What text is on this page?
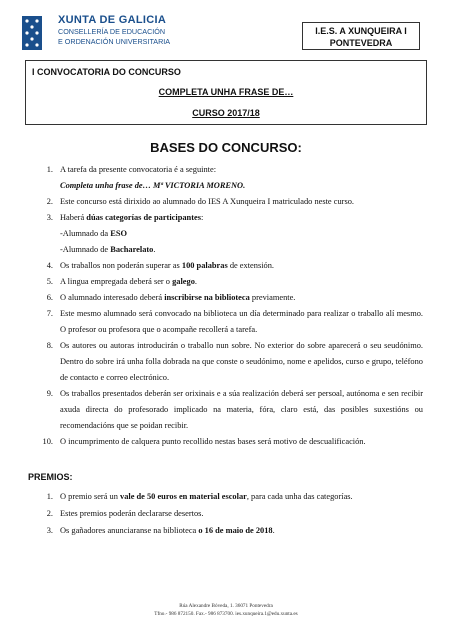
XUNTA DE GALICIA
CONSELLERÍA DE EDUCACIÓN
E ORDENACIÓN UNIVERSITARIA
I.E.S. A XUNQUEIRA I
PONTEVEDRA
I CONVOCATORIA DO CONCURSO
COMPLETA UNHA FRASE DE…
CURSO 2017/18
BASES DO CONCURSO:
1. A tarefa da presente convocatoria é a seguinte:
Completa unha frase de… Mª VICTORIA MORENO.
2. Este concurso está dirixido ao alumnado do IES A Xunqueira I matriculado neste curso.
3. Haberá dúas categorías de participantes:
-Alumnado da ESO
-Alumnado de Bacharelato.
4. Os traballos non poderán superar as 100 palabras de extensión.
5. A lingua empregada deberá ser o galego.
6. O alumnado interesado deberá inscribirse na biblioteca previamente.
7. Este mesmo alumnado será convocado na biblioteca un día determinado para realizar o traballo alí mesmo. O profesor ou profesora que o acompañe recollerá a tarefa.
8. Os autores ou autoras introducirán o traballo nun sobre. No exterior do sobre aparecerá o seu seudónimo. Dentro do sobre irá unha folla dobrada na que conste o seudónimo, nome e apelidos, curso e grupo, teléfono de contacto e correo electrónico.
9. Os traballos presentados deberán ser orixinais e a súa realización deberá ser persoal, autónoma e sen recibir axuda directa do profesorado implicado na materia, fóra, claro está, das posibles suxestións ou recomendacións que se poidan recibir.
10. O incumprimento de calquera punto recollido nestas bases será motivo de descualificación.
PREMIOS:
1. O premio será un vale de 50 euros en material escolar, para cada unha das categorías.
2. Estes premios poderán declararse desertos.
3. Os gañadores anunciaranse na biblioteca o 16 de maio de 2018.
Rúa Alexandre Bóveda, 1. 36071 Pontevedra
Tfno.- 986 872150. Fax.- 986 873700. ies.xunqueira.1@edu.xunta.es
